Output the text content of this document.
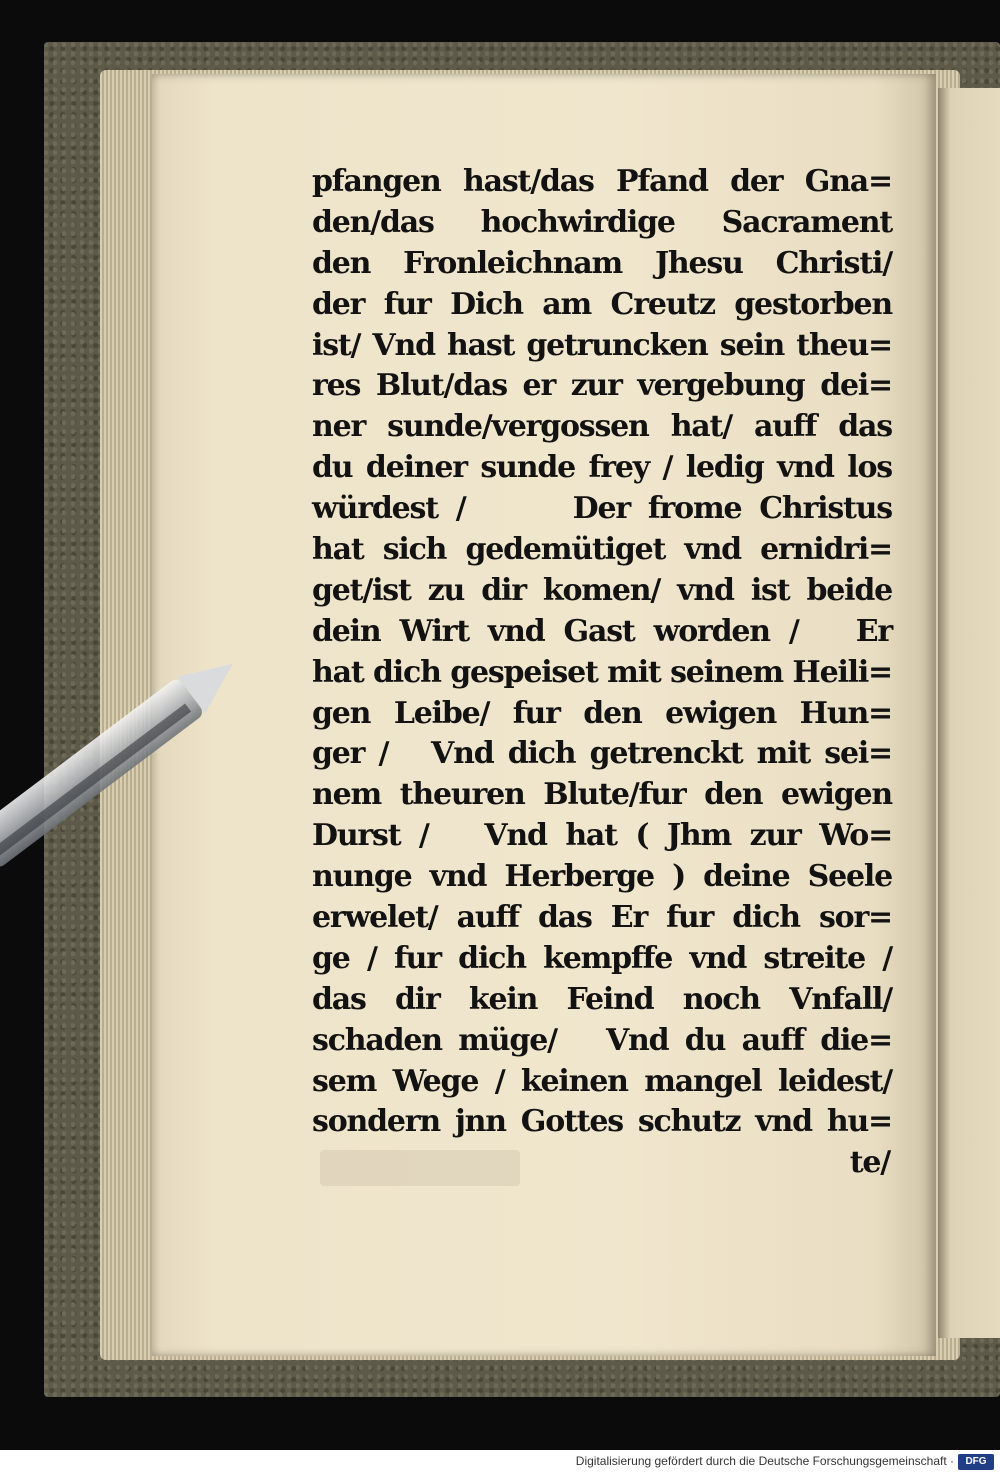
pfangen hast/das Pfand der Gna=
den/das hochwirdige Sacrament
den Fronleichnam Jhesu Christi/
der fur Dich am Creutz gestorben
ist/ Vnd hast getruncken sein theu=
res Blut/das er zur vergebung dei=
ner sunde/vergossen hat/ auff das
du deiner sunde frey / ledig vnd los
würdest /      Der frome Christus
hat sich gedemütiget vnd ernidri=
get/ist zu dir komen/ vnd ist beide
dein Wirt vnd Gast worden /   Er
hat dich gespeiset mit seinem Heili=
gen Leibe/ fur den ewigen Hun=
ger /   Vnd dich getrenckt mit sei=
nem theuren Blute/fur den ewigen
Durst /   Vnd hat ( Jhm zur Wo=
nunge vnd Herberge ) deine Seele
erwelet/ auff das Er fur dich sor=
ge / fur dich kempffe vnd streite /
das dir kein Feind noch Vnfall/
schaden müge/   Vnd du auff die=
sem Wege / keinen mangel leidest/
sondern jnn Gottes schutz vnd hu=
te/
Digitalisierung gefördert durch die Deutsche Forschungsgemeinschaft ·	DFG
